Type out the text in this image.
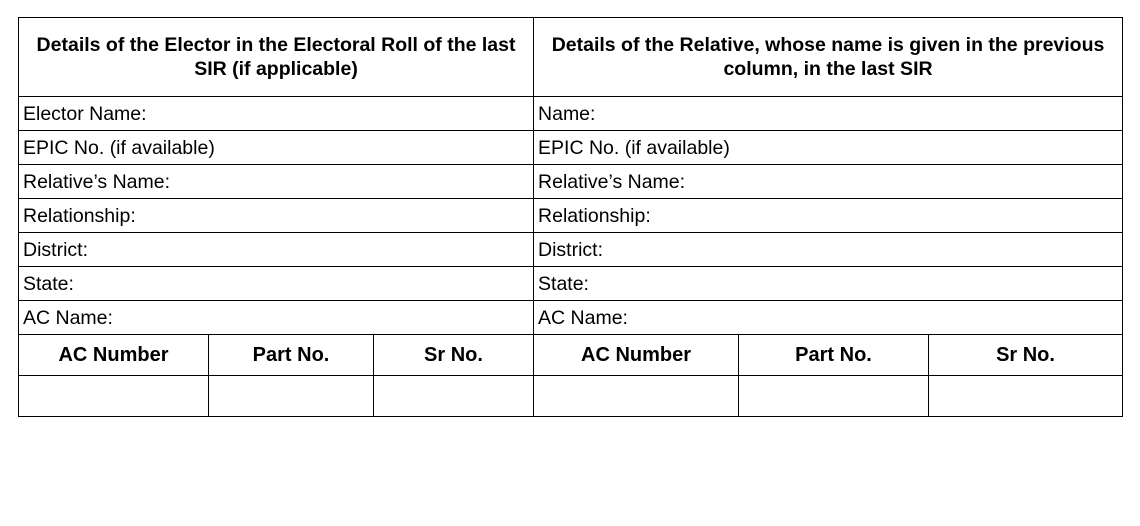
Details of the Elector in the Electoral Roll of the last SIR (if applicable)			Details of the Relative, whose name is given in the previous column, in the last SIR		
Elector Name:			Name:		
EPIC No. (if available)			EPIC No. (if available)		
Relative’s Name:			Relative’s Name:		
Relationship:			Relationship:		
District:			District:		
State:			State:		
AC Name:			AC Name:		
AC Number	Part No.	Sr No.	AC Number	Part No.	Sr No.
